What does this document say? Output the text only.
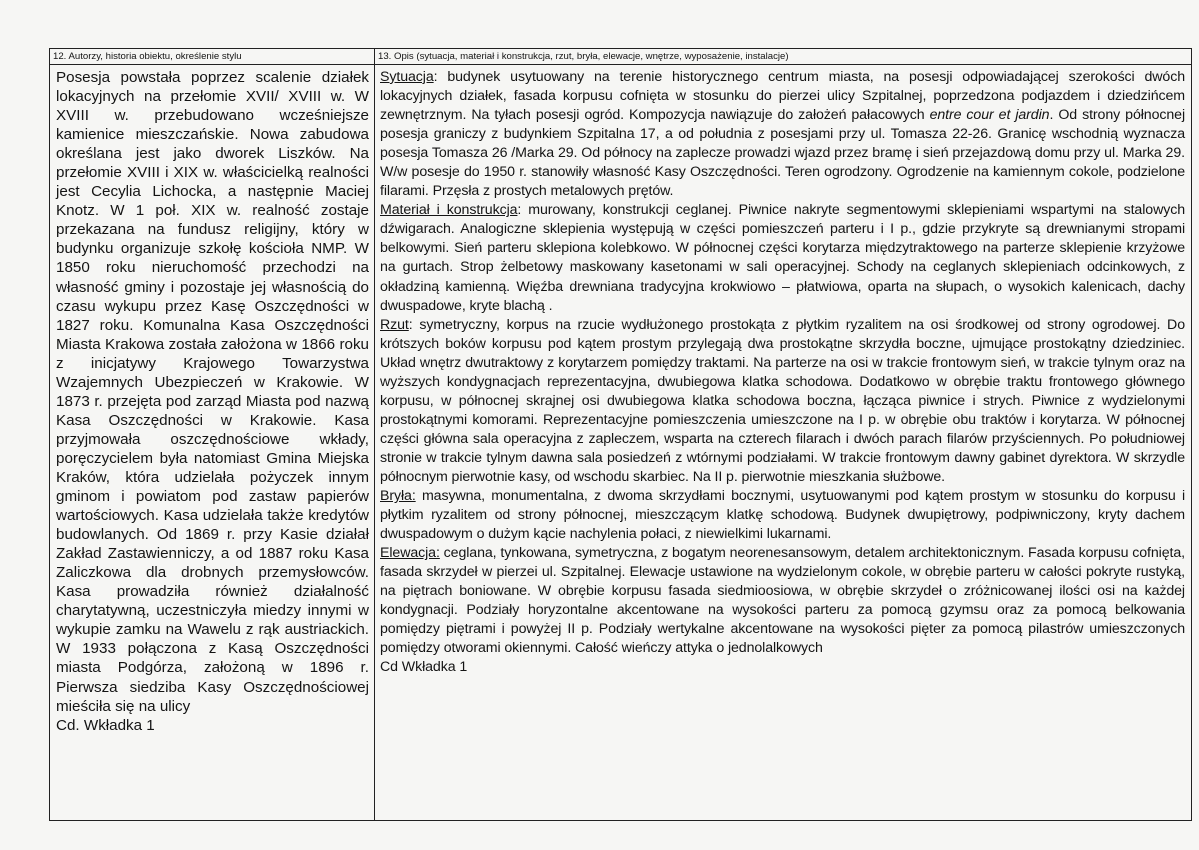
12. Autorzy, historia obiektu, określenie stylu	13. Opis (sytuacja, materiał i konstrukcja, rzut, bryła, elewacje, wnętrze, wyposażenie, instalacje)

Posesja powstała poprzez scalenie działek lokacyjnych na przełomie XVII/ XVIII w. W XVIII w. przebudowano wcześniejsze kamienice mieszczańskie. Nowa zabudowa określana jest jako dworek Liszków. Na przełomie XVIII i XIX w. właścicielką realności jest Cecylia Lichocka, a następnie Maciej Knotz. W 1 poł. XIX w. realność zostaje przekazana na fundusz religijny, który w budynku organizuje szkołę kościoła NMP. W 1850 roku nieruchomość przechodzi na własność gminy i pozostaje jej własnością do czasu wykupu przez Kasę Oszczędności w 1827 roku. Komunalna Kasa Oszczędności Miasta Krakowa została założona w 1866 roku z inicjatywy Krajowego Towarzystwa Wzajemnych Ubezpieczeń w Krakowie. W 1873 r. przejęta pod zarząd Miasta pod nazwą Kasa Oszczędności w Krakowie. Kasa przyjmowała oszczędnościowe wkłady, poręczycielem była natomiast Gmina Miejska Kraków, która udzielała pożyczek innym gminom i powiatom pod zastaw papierów wartościowych. Kasa udzielała także kredytów budowlanych. Od 1869 r. przy Kasie działał Zakład Zastawienniczy, a od 1887 roku Kasa Zaliczkowa dla drobnych przemysłowców. Kasa prowadziła również działalność charytatywną, uczestniczyła miedzy innymi w wykupie zamku na Wawelu z rąk austriackich. W 1933 połączona z Kasą Oszczędności miasta Podgórza, założoną w 1896 r. Pierwsza siedziba Kasy Oszczędnościowej mieściła się na ulicy

Cd. Wkładka 1

Sytuacja: budynek usytuowany na terenie historycznego centrum miasta, na posesji odpowiadającej szerokości dwóch lokacyjnych działek, fasada korpusu cofnięta w stosunku do pierzei ulicy Szpitalnej, poprzedzona podjazdem i dziedzińcem zewnętrznym. Na tyłach posesji ogród. Kompozycja nawiązuje do założeń pałacowych entre cour et jardin. Od strony północnej posesja graniczy z budynkiem Szpitalna 17, a od południa z posesjami przy ul. Tomasza 22-26. Granicę wschodnią wyznacza posesja Tomasza 26 /Marka 29. Od północy na zaplecze prowadzi wjazd przez bramę i sień przejazdową domu przy ul. Marka 29. W/w posesje do 1950 r. stanowiły własność Kasy Oszczędności. Teren ogrodzony. Ogrodzenie na kamiennym cokole, podzielone filarami. Przęsła z prostych metalowych prętów.

Materiał i konstrukcja: murowany, konstrukcji ceglanej. Piwnice nakryte segmentowymi sklepieniami wspartymi na stalowych dźwigarach. Analogiczne sklepienia występują w części pomieszczeń parteru i I p., gdzie przykryte są drewnianymi stropami belkowymi. Sień parteru sklepiona kolebkowo. W północnej części korytarza międzytraktowego na parterze sklepienie krzyżowe na gurtach. Strop żelbetowy maskowany kasetonami w sali operacyjnej. Schody na ceglanych sklepieniach odcinkowych, z okładziną kamienną. Więźba drewniana tradycyjna krokwiowo – płatwiowa, oparta na słupach, o wysokich kalenicach, dachy dwuspadowe, kryte blachą .

Rzut: symetryczny, korpus na rzucie wydłużonego prostokąta z płytkim ryzalitem na osi środkowej od strony ogrodowej. Do krótszych boków korpusu pod kątem prostym przylegają dwa prostokątne skrzydła boczne, ujmujące prostokątny dziedziniec. Układ wnętrz dwutraktowy z korytarzem pomiędzy traktami. Na parterze na osi w trakcie frontowym sień, w trakcie tylnym oraz na wyższych kondygnacjach reprezentacyjna, dwubiegowa klatka schodowa. Dodatkowo w obrębie traktu frontowego głównego korpusu, w północnej skrajnej osi dwubiegowa klatka schodowa boczna, łącząca piwnice i strych. Piwnice z wydzielonymi prostokątnymi komorami. Reprezentacyjne pomieszczenia umieszczone na I p. w obrębie obu traktów i korytarza. W północnej części główna sala operacyjna z zapleczem, wsparta na czterech filarach i dwóch parach filarów przyściennych. Po południowej stronie w trakcie tylnym dawna sala posiedzeń z wtórnymi podziałami. W trakcie frontowym dawny gabinet dyrektora. W skrzydle północnym pierwotnie kasy, od wschodu skarbiec. Na II p. pierwotnie mieszkania służbowe.

Bryła: masywna, monumentalna, z dwoma skrzydłami bocznymi, usytuowanymi pod kątem prostym w stosunku do korpusu i płytkim ryzalitem od strony północnej, mieszczącym klatkę schodową. Budynek dwupiętrowy, podpiwniczony, kryty dachem dwuspadowym o dużym kącie nachylenia połaci, z niewielkimi lukarnami.

Elewacja: ceglana, tynkowana, symetryczna, z bogatym neorenesansowym, detalem architektonicznym. Fasada korpusu cofnięta, fasada skrzydeł w pierzei ul. Szpitalnej. Elewacje ustawione na wydzielonym cokole, w obrębie parteru w całości pokryte rustyką, na piętrach boniowane. W obrębie korpusu fasada siedmioosiowa, w obrębie skrzydeł o zróżnicowanej ilości osi na każdej kondygnacji. Podziały horyzontalne akcentowane na wysokości parteru za pomocą gzymsu oraz za pomocą belkowania pomiędzy piętrami i powyżej II p. Podziały wertykalne akcentowane na wysokości pięter za pomocą pilastrów umieszczonych pomiędzy otworami okiennymi. Całość wieńczy attyka o jednolalkowych

Cd Wkładka 1
